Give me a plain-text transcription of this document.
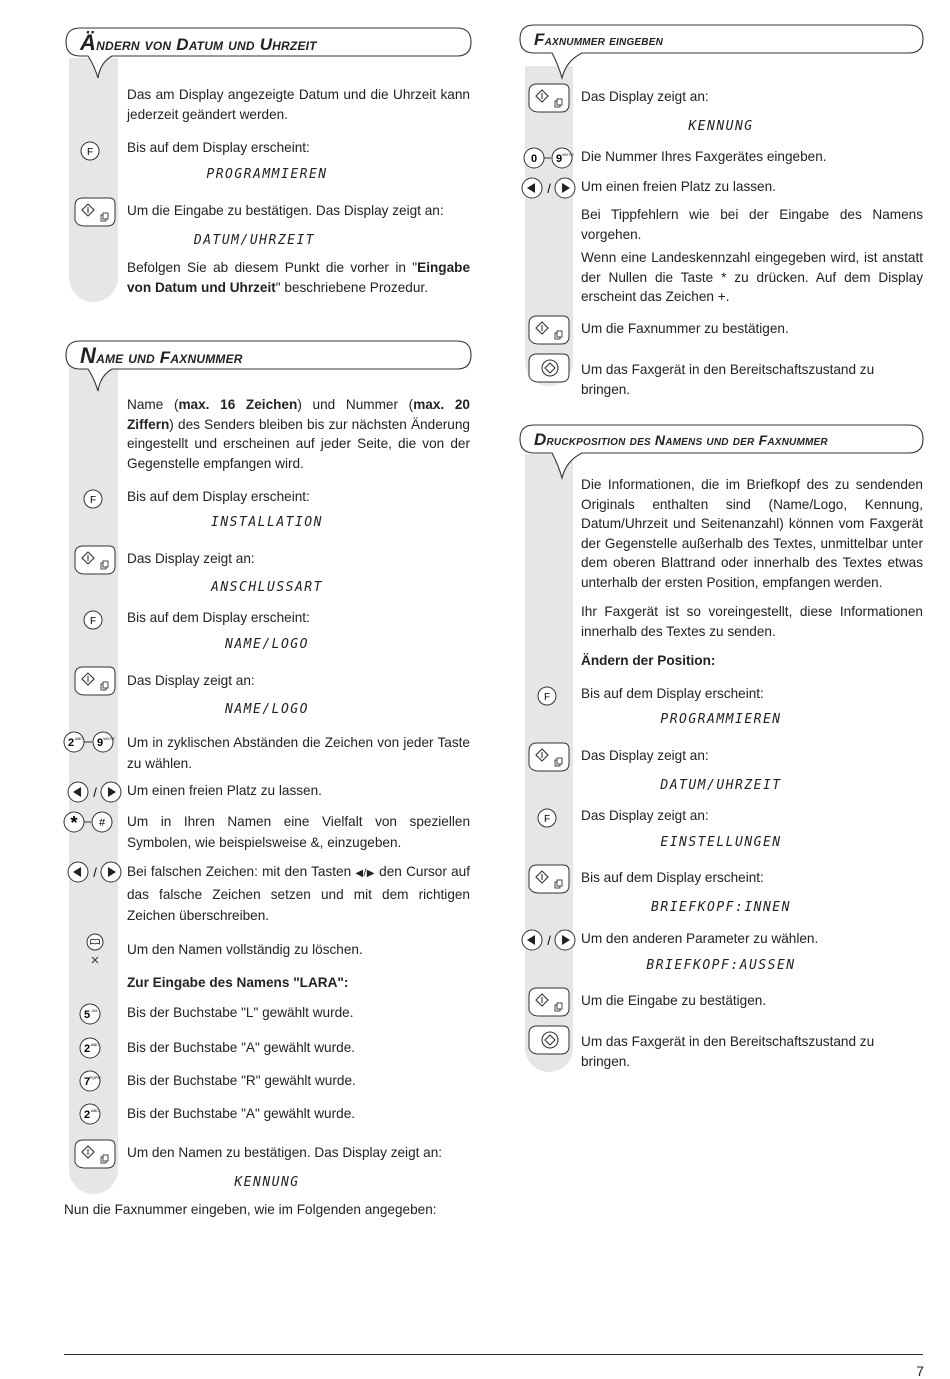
Ändern von Datum und Uhrzeit
Das am Display angezeigte Datum und die Uhrzeit kann jederzeit geändert werden.
F Bis auf dem Display erscheint:
PROGRAMMIEREN
Um die Eingabe zu bestätigen. Das Display zeigt an:
DATUM/UHRZEIT
Befolgen Sie ab diesem Punkt die vorher in "Eingabe von Datum und Uhrzeit" beschriebene Prozedur.
Name und Faxnummer
Name (max. 16 Zeichen) und Nummer (max. 20 Ziffern) des Senders bleiben bis zur nächsten Änderung eingestellt und erscheinen auf jeder Seite, die von der Gegenstelle empfangen wird.
F Bis auf dem Display erscheint:
INSTALLATION
Das Display zeigt an:
ANSCHLUSSART
F Bis auf dem Display erscheint:
NAME/LOGO
Das Display zeigt an:
NAME/LOGO
2 ABC 9 WXYZ Um in zyklischen Abständen die Zeichen von jeder Taste zu wählen.
/ Um einen freien Platz zu lassen.
* # Um in Ihren Namen eine Vielfalt von speziellen Symbolen, wie beispielsweise &, einzugeben.
/ Bei falschen Zeichen: mit den Tasten ◀/▶ den Cursor auf das falsche Zeichen setzen und mit dem richtigen Zeichen überschreiben.
Um den Namen vollständig zu löschen.
Zur Eingabe des Namens "LARA":
5 JKL Bis der Buchstabe "L" gewählt wurde.
2 ABC Bis der Buchstabe "A" gewählt wurde.
7 PQRS Bis der Buchstabe "R" gewählt wurde.
2 ABC Bis der Buchstabe "A" gewählt wurde.
Um den Namen zu bestätigen. Das Display zeigt an:
KENNUNG
Nun die Faxnummer eingeben, wie im Folgenden angegeben:
Faxnummer eingeben
Das Display zeigt an:
KENNUNG
0 9 WXYZ Die Nummer Ihres Faxgerätes eingeben.
/ Um einen freien Platz zu lassen.
Bei Tippfehlern wie bei der Eingabe des Namens vorgehen.
Wenn eine Landeskennzahl eingegeben wird, ist anstatt der Nullen die Taste * zu drücken. Auf dem Display erscheint das Zeichen +.
Um die Faxnummer zu bestätigen.
Um das Faxgerät in den Bereitschaftszustand zu bringen.
Druckposition des Namens und der Faxnummer
Die Informationen, die im Briefkopf des zu sendenden Originals enthalten sind (Name/Logo, Kennung, Datum/Uhrzeit und Seitenanzahl) können vom Faxgerät der Gegenstelle außerhalb des Textes, unmittelbar unter dem oberen Blattrand oder innerhalb des Textes etwas unterhalb der ersten Position, empfangen werden.
Ihr Faxgerät ist so voreingestellt, diese Informationen innerhalb des Textes zu senden.
Ändern der Position:
F Bis auf dem Display erscheint:
PROGRAMMIEREN
Das Display zeigt an:
DATUM/UHRZEIT
F Das Display zeigt an:
EINSTELLUNGEN
Bis auf dem Display erscheint:
BRIEFKOPF:INNEN
/ Um den anderen Parameter zu wählen.
BRIEFKOPF:AUSSEN
Um die Eingabe zu bestätigen.
Um das Faxgerät in den Bereitschaftszustand zu bringen.
7
